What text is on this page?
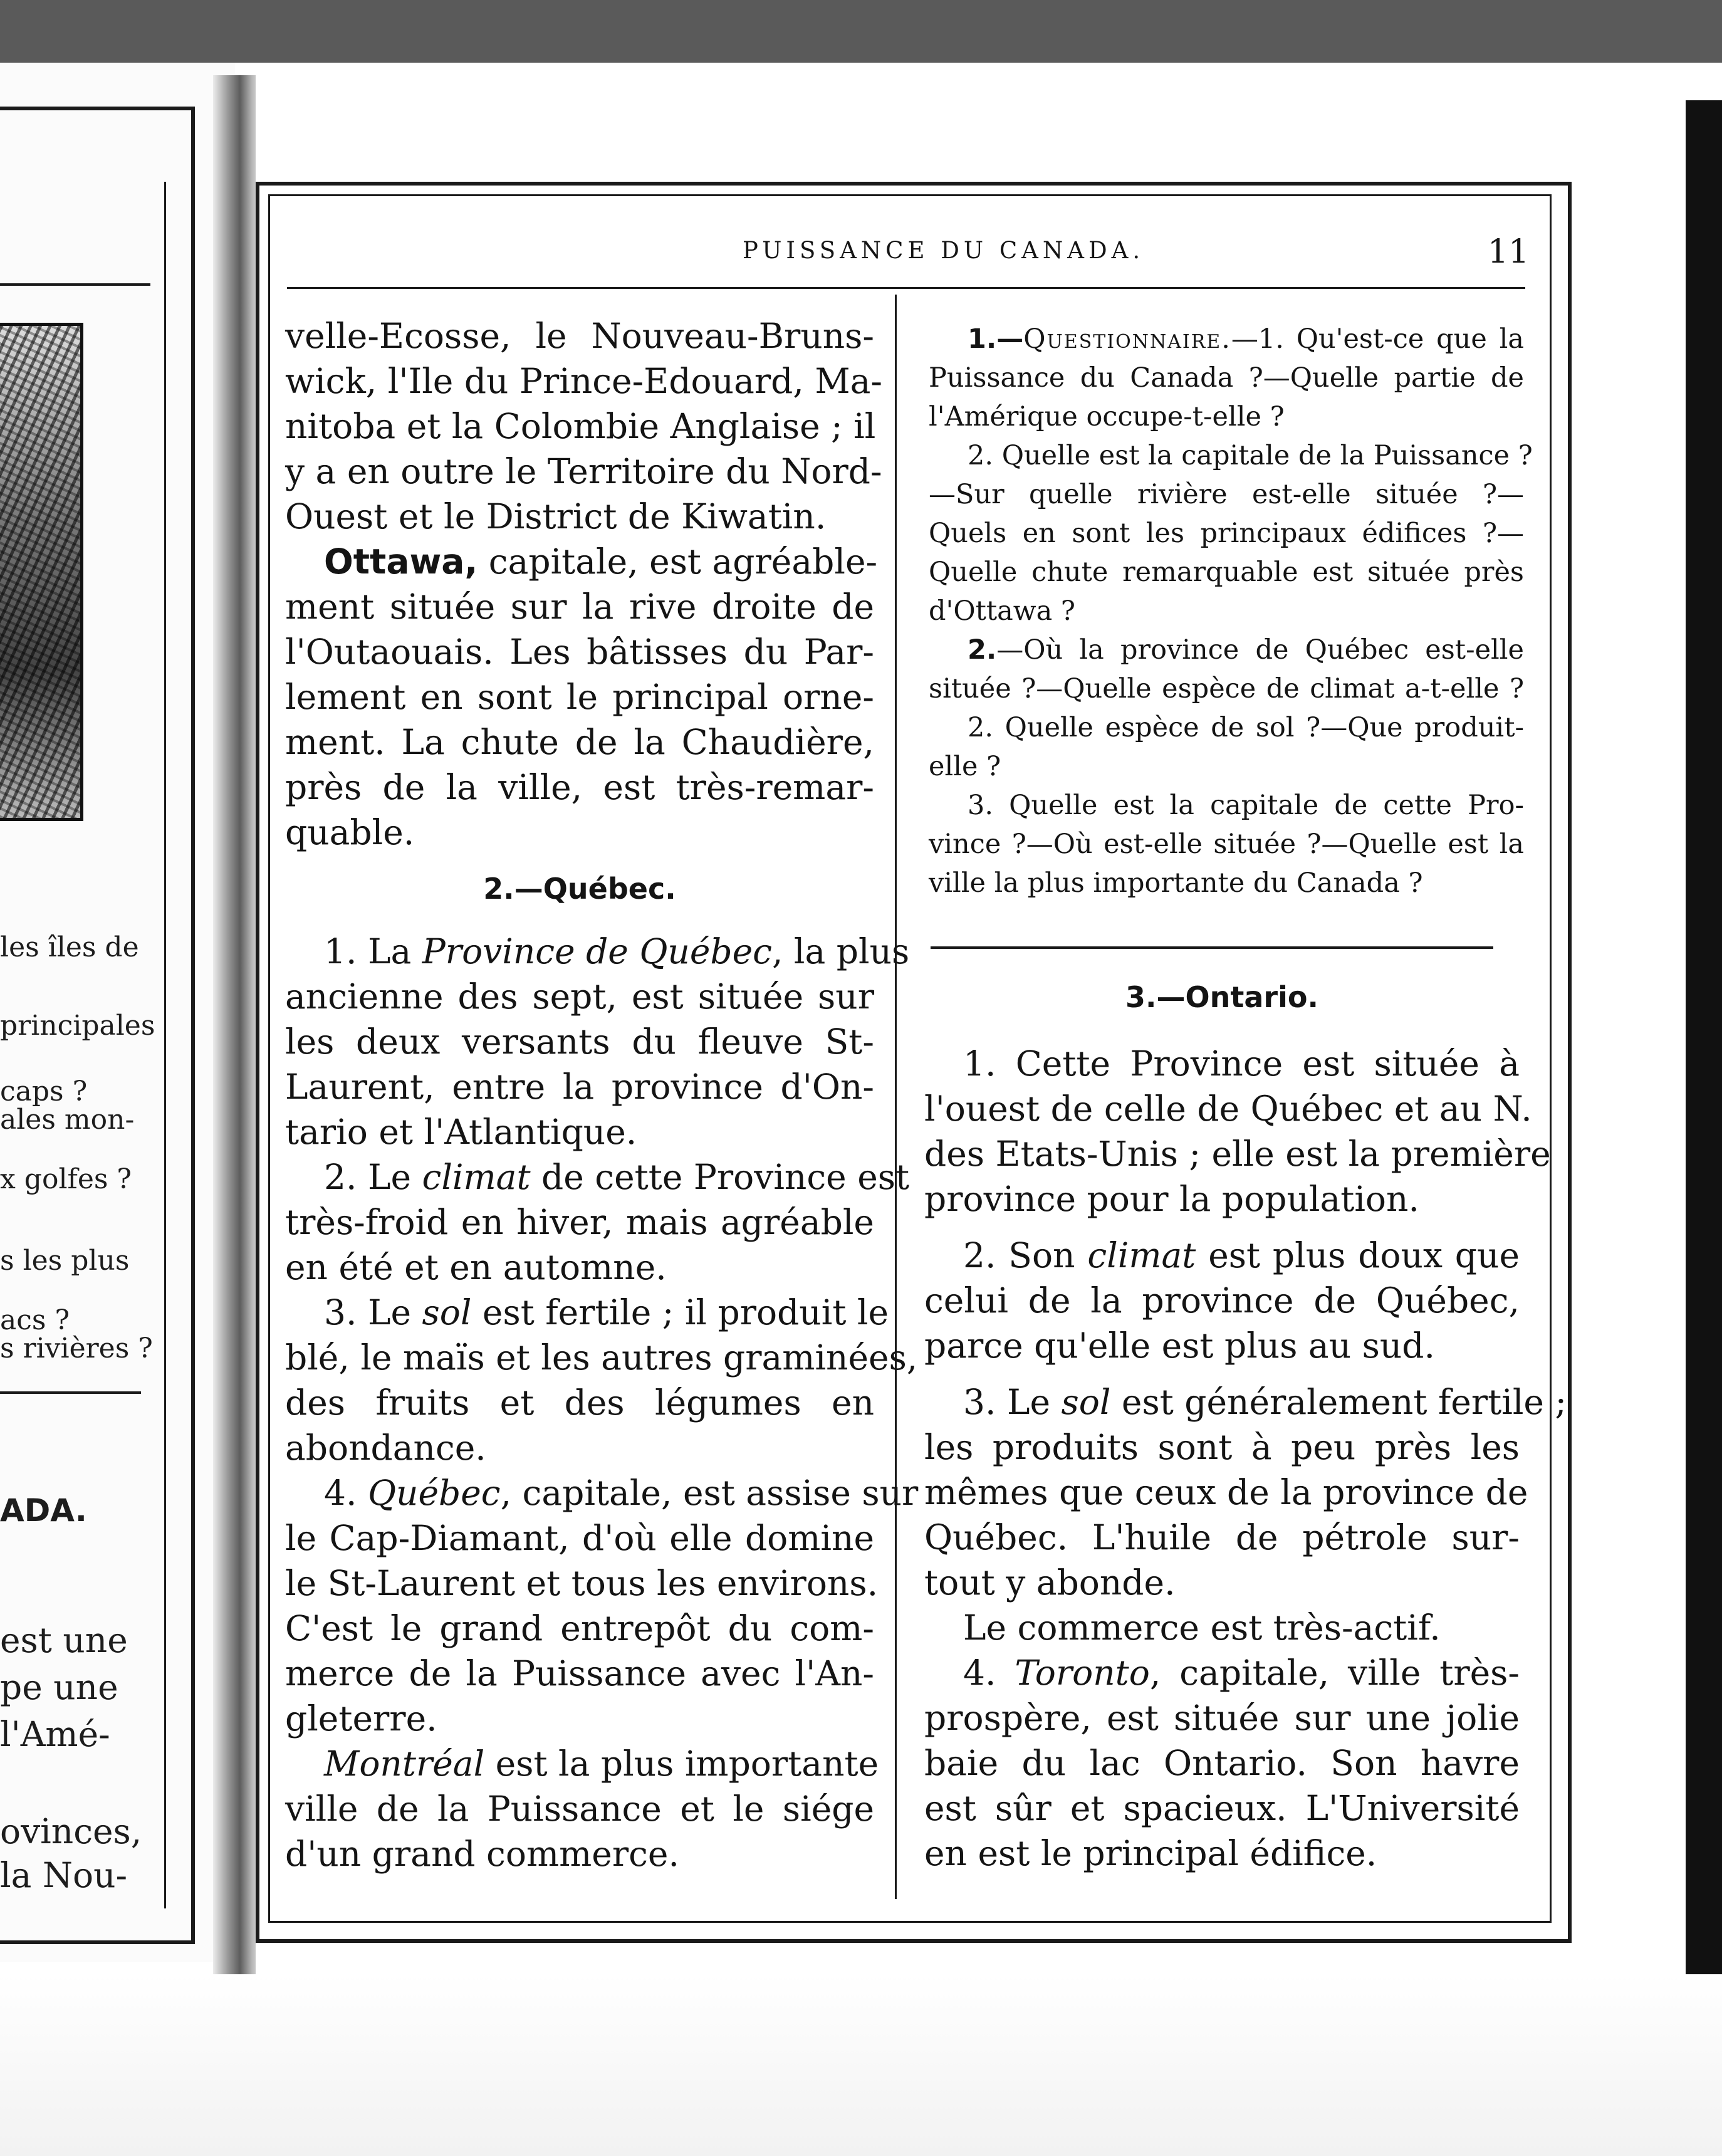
les îles de
principales
caps ?
ales mon-
x golfes ?
s les plus
acs ?
s rivières ?
ADA.
est une
pe une
l'Amé-
ovinces,
la Nou-
PUISSANCE DU CANADA.	11
velle-Ecosse, le Nouveau-Bruns-
wick, l'Ile du Prince-Edouard, Ma-
nitoba et la Colombie Anglaise ; il
y a en outre le Territoire du Nord-
Ouest et le District de Kiwatin.
Ottawa, capitale, est agréable-
ment située sur la rive droite de
l'Outaouais. Les bâtisses du Par-
lement en sont le principal orne-
ment. La chute de la Chaudière,
près de la ville, est très-remar-
quable.
2.—Québec.
1. La Province de Québec, la plus
ancienne des sept, est située sur
les deux versants du fleuve St-
Laurent, entre la province d'On-
tario et l'Atlantique.
2. Le climat de cette Province est
très-froid en hiver, mais agréable
en été et en automne.
3. Le sol est fertile ; il produit le
blé, le maïs et les autres graminées,
des fruits et des légumes en
abondance.
4. Québec, capitale, est assise sur
le Cap-Diamant, d'où elle domine
le St-Laurent et tous les environs.
C'est le grand entrepôt du com-
merce de la Puissance avec l'An-
gleterre.
Montréal est la plus importante
ville de la Puissance et le siége
d'un grand commerce.
1.—Questionnaire.—1. Qu'est-ce que la
Puissance du Canada ?—Quelle partie de
l'Amérique occupe-t-elle ?
2. Quelle est la capitale de la Puissance ?
—Sur quelle rivière est-elle située ?—
Quels en sont les principaux édifices ?—
Quelle chute remarquable est située près
d'Ottawa ?
2.—Où la province de Québec est-elle
située ?—Quelle espèce de climat a-t-elle ?
2. Quelle espèce de sol ?—Que produit-
elle ?
3. Quelle est la capitale de cette Pro-
vince ?—Où est-elle située ?—Quelle est la
ville la plus importante du Canada ?
3.—Ontario.
1. Cette Province est située à
l'ouest de celle de Québec et au N.
des Etats-Unis ; elle est la première
province pour la population.
2. Son climat est plus doux que
celui de la province de Québec,
parce qu'elle est plus au sud.
3. Le sol est généralement fertile ;
les produits sont à peu près les
mêmes que ceux de la province de
Québec. L'huile de pétrole sur-
tout y abonde.
Le commerce est très-actif.
4. Toronto, capitale, ville très-
prospère, est située sur une jolie
baie du lac Ontario. Son havre
est sûr et spacieux. L'Université
en est le principal édifice.
